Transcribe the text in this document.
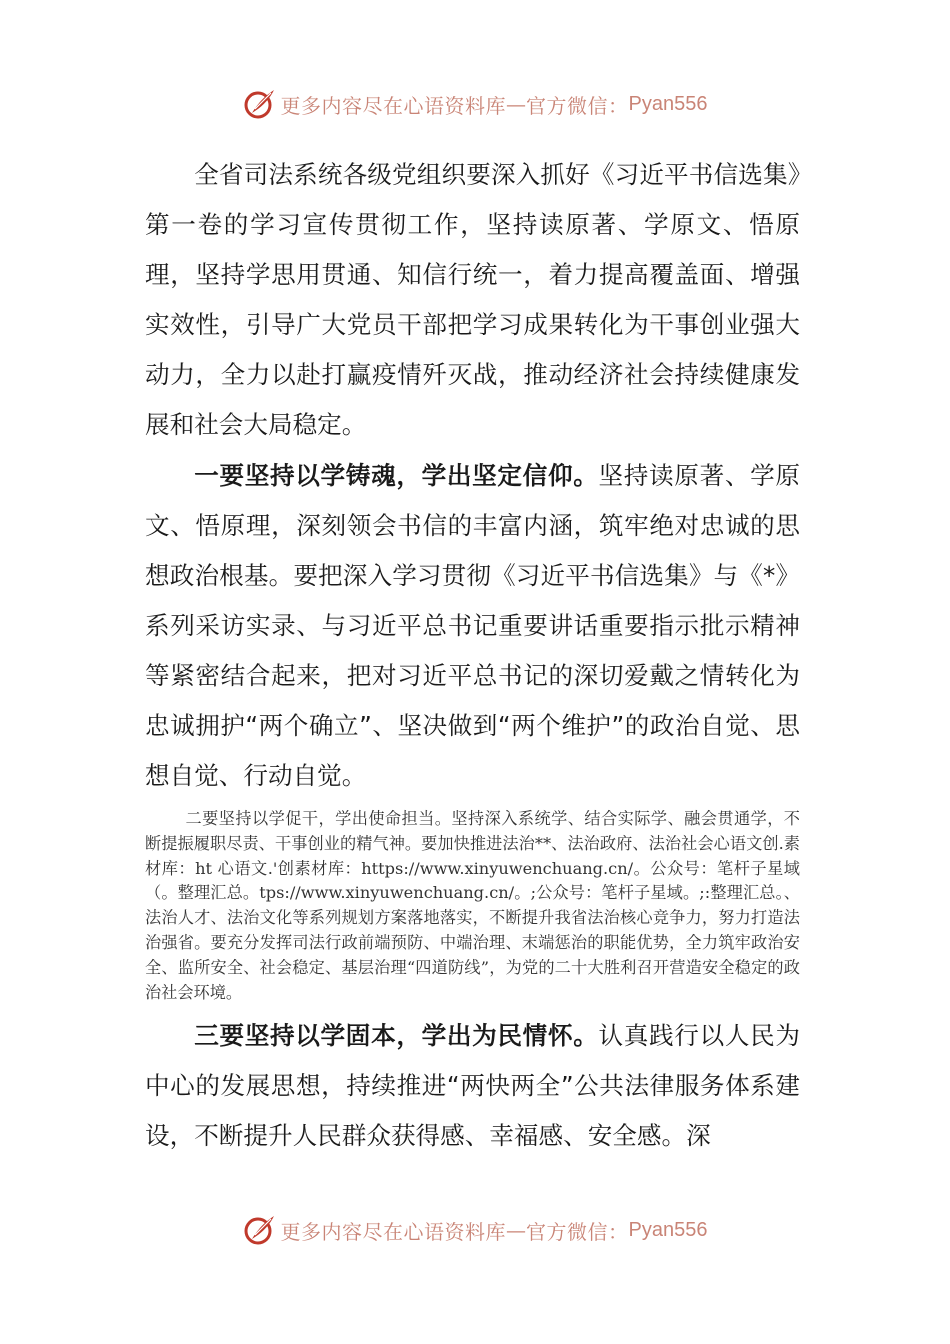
更多内容尽在心语资料库 — 官方微信： Pyan556

全省司法系统各级党组织要深入抓好《习近平书信选集》第一卷的学习宣传贯彻工作，坚持读原著、学原文、悟原理，坚持学思用贯通、知信行统一，着力提高覆盖面、增强实效性，引导广大党员干部把学习成果转化为干事创业强大动力，全力以赴打赢疫情歼灭战，推动经济社会持续健康发展和社会大局稳定。

一要坚持以学铸魂，学出坚定信仰。坚持读原著、学原文、悟原理，深刻领会书信的丰富内涵，筑牢绝对忠诚的思想政治根基。要把深入学习贯彻《习近平书信选集》与《*》系列采访实录、与习近平总书记重要讲话重要指示批示精神等紧密结合起来，把对习近平总书记的深切爱戴之情转化为忠诚拥护“两个确立”、坚决做到“两个维护”的政治自觉、思想自觉、行动自觉。

二要坚持以学促干，学出使命担当。坚持深入系统学、结合实际学、融会贯通学，不断提振履职尽责、干事创业的精气神。要加快推进法治**、法治政府、法治社会心语文创.素材库：ht 心语文.'创素材库：https://www.xinyuwenchuang.cn/。公众号：笔杆子星域（。整理汇总。tps://www.xinyuwenchuang.cn/。;公众号：笔杆子星域。;:整理汇总。、法治人才、法治文化等系列规划方案落地落实，不断提升我省法治核心竞争力，努力打造法治强省。要充分发挥司法行政前端预防、中端治理、末端惩治的职能优势，全力筑牢政治安全、监所安全、社会稳定、基层治理“四道防线”，为党的二十大胜利召开营造安全稳定的政治社会环境。

三要坚持以学固本，学出为民情怀。认真践行以人民为中心的发展思想，持续推进“两快两全”公共法律服务体系建设，不断提升人民群众获得感、幸福感、安全感。深

更多内容尽在心语资料库 — 官方微信： Pyan556
